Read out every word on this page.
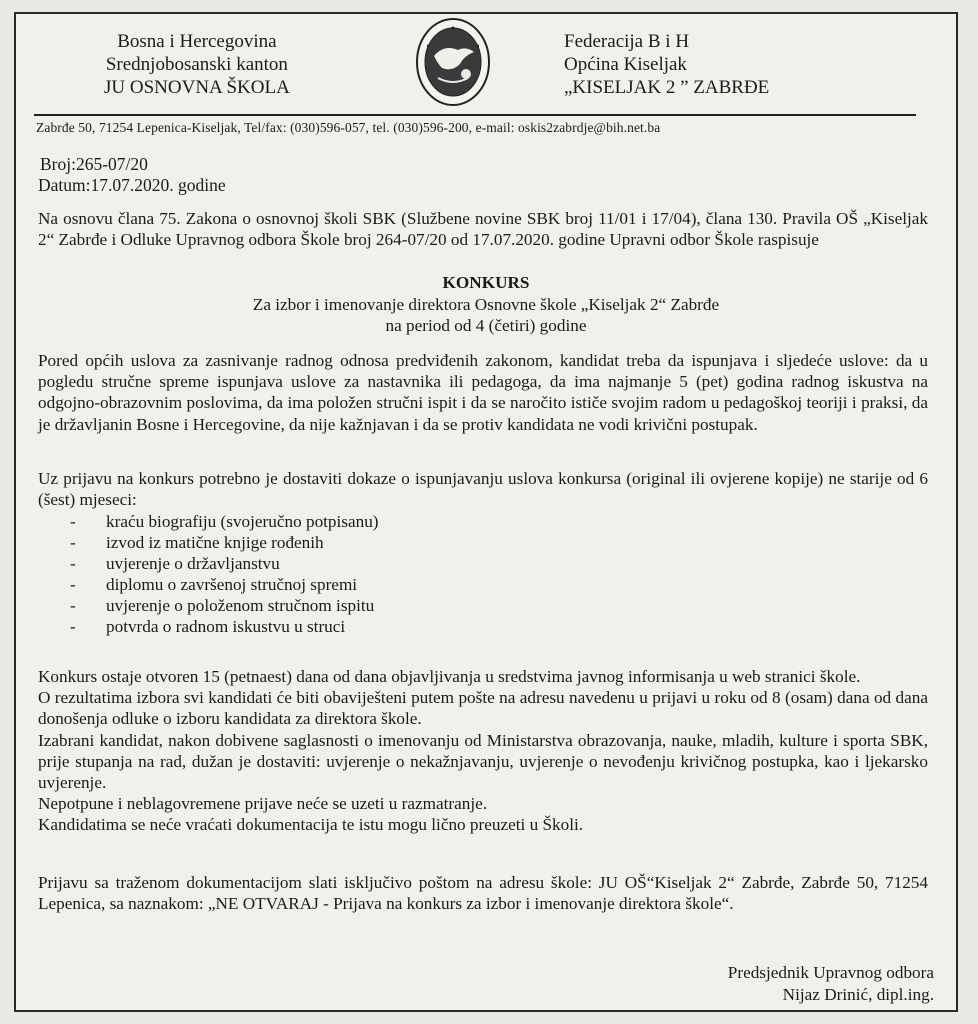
Bosna i Hercegovina
Srednjobosanski kanton
JU OSNOVNA ŠKOLA
Federacija B i H
Općina Kiseljak
„KISELJAK 2 ” ZABRĐE
Zabrđe 50, 71254 Lepenica-Kiseljak, Tel/fax: (030)596-057, tel. (030)596-200, e-mail: oskis2zabrdje@bih.net.ba
Broj:265-07/20
Datum:17.07.2020. godine

Na osnovu člana 75. Zakona o osnovnoj školi SBK (Službene novine SBK broj 11/01 i 17/04), člana 130. Pravila OŠ „Kiseljak 2“ Zabrđe i Odluke Upravnog odbora Škole broj 264-07/20 od 17.07.2020. godine Upravni odbor Škole raspisuje

KONKURS
Za izbor i imenovanje direktora Osnovne škole „Kiseljak 2“ Zabrđe
na period od 4 (četiri) godine

Pored općih uslova za zasnivanje radnog odnosa predviđenih zakonom, kandidat treba da ispunjava i sljedeće uslove: da u pogledu stručne spreme ispunjava uslove za nastavnika ili pedagoga, da ima najmanje 5 (pet) godina radnog iskustva na odgojno-obrazovnim poslovima, da ima položen stručni ispit i da se naročito ističe svojim radom u pedagoškoj teoriji i praksi, da je državljanin Bosne i Hercegovine, da nije kažnjavan i da se protiv kandidata ne vodi krivični postupak.

Uz prijavu na konkurs potrebno je dostaviti dokaze o ispunjavanju uslova konkursa (original ili ovjerene kopije) ne starije od 6 (šest) mjeseci:

- kraću biografiju (svojeručno potpisanu)
- izvod iz matične knjige rođenih
- uvjerenje o državljanstvu
- diplomu o završenoj stručnoj spremi
- uvjerenje o položenom stručnom ispitu
- potvrda o radnom iskustvu u struci

Konkurs ostaje otvoren 15 (petnaest) dana od dana objavljivanja u sredstvima javnog informisanja u web stranici škole.

O rezultatima izbora svi kandidati će biti obaviješteni putem pošte na adresu navedenu u prijavi u roku od 8 (osam) dana od dana donošenja odluke o izboru kandidata za direktora škole.

Izabrani kandidat, nakon dobivene saglasnosti o imenovanju od Ministarstva obrazovanja, nauke, mladih, kulture i sporta SBK, prije stupanja na rad, dužan je dostaviti: uvjerenje o nekažnjavanju, uvjerenje o nevođenju krivičnog postupka, kao i ljekarsko uvjerenje.

Nepotpune i neblagovremene prijave neće se uzeti u razmatranje.

Kandidatima se neće vraćati dokumentacija te istu mogu lično preuzeti u Školi.

Prijavu sa traženom dokumentacijom slati isključivo poštom na adresu škole: JU OŠ“Kiseljak 2“ Zabrđe, Zabrđe 50, 71254 Lepenica, sa naznakom: „NE OTVARAJ - Prijava na konkurs za izbor i imenovanje direktora škole“.

Predsjednik Upravnog odbora
Nijaz Drinić, dipl.ing.
